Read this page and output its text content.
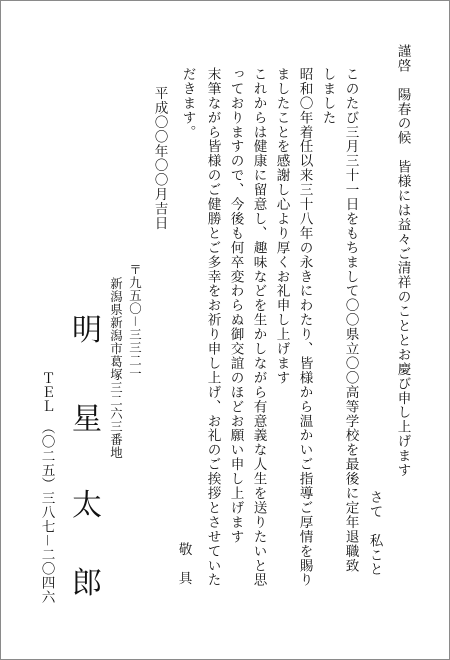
謹啓　陽春の候　皆様には益々ご清祥のこととお慶び申し上げます
さて　私こと
このたび三月三十一日をもちまして〇〇県立〇〇高等学校を最後に定年退職致
しました
昭和〇年着任以来三十八年の永きにわたり、皆様から温かいご指導ご厚情を賜り
ましたことを感謝し心より厚くお礼申し上げます
これからは健康に留意し、趣味などを生かしながら有意義な人生を送りたいと思
っておりますので、今後も何卒変わらぬ御交誼のほどお願い申し上げます
末筆ながら皆様のご健勝とご多幸をお祈り申し上げ、お礼のご挨拶とさせていた
だきます。
敬　具
平成〇〇年〇〇月吉日
〒九五〇－三三二一
新潟県新潟市葛塚三二六三番地
明
星
太
郎
ＴＥＬ　（〇二五）三八七－二〇四六
